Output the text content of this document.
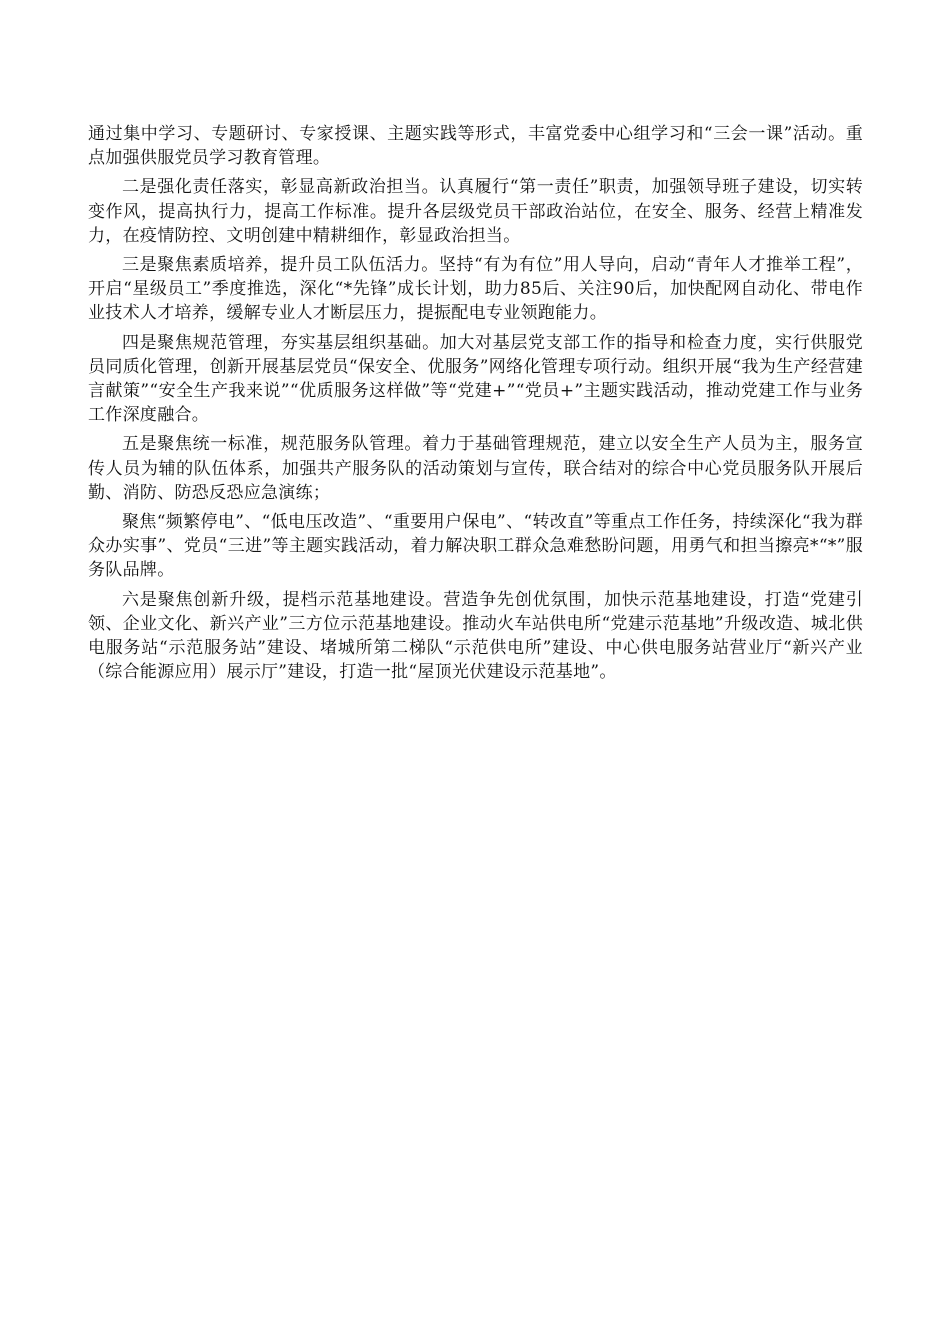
通过集中学习、专题研讨、专家授课、主题实践等形式，丰富党委中心组学习和“三会一课”活动。重点加强供服党员学习教育管理。

二是强化责任落实，彰显高新政治担当。认真履行“第一责任”职责，加强领导班子建设，切实转变作风，提高执行力，提高工作标准。提升各层级党员干部政治站位，在安全、服务、经营上精准发力，在疫情防控、文明创建中精耕细作，彰显政治担当。

三是聚焦素质培养，提升员工队伍活力。坚持“有为有位”用人导向，启动“青年人才推举工程”，开启“星级员工”季度推选，深化“*先锋”成长计划，助力85后、关注90后，加快配网自动化、带电作业技术人才培养，缓解专业人才断层压力，提振配电专业领跑能力。

四是聚焦规范管理，夯实基层组织基础。加大对基层党支部工作的指导和检查力度，实行供服党员同质化管理，创新开展基层党员“保安全、优服务”网络化管理专项行动。组织开展“我为生产经营建言献策”“安全生产我来说”“优质服务这样做”等“党建+”“党员+”主题实践活动，推动党建工作与业务工作深度融合。

五是聚焦统一标准，规范服务队管理。着力于基础管理规范，建立以安全生产人员为主，服务宣传人员为辅的队伍体系，加强共产服务队的活动策划与宣传，联合结对的综合中心党员服务队开展后勤、消防、防恐反恐应急演练；

聚焦“频繁停电”、“低电压改造”、“重要用户保电”、“转改直”等重点工作任务，持续深化“我为群众办实事”、党员“三进”等主题实践活动，着力解决职工群众急难愁盼问题，用勇气和担当擦亮*“*”服务队品牌。

六是聚焦创新升级，提档示范基地建设。营造争先创优氛围，加快示范基地建设，打造“党建引领、企业文化、新兴产业”三方位示范基地建设。推动火车站供电所“党建示范基地”升级改造、城北供电服务站“示范服务站”建设、堵城所第二梯队“示范供电所”建设、中心供电服务站营业厅“新兴产业（综合能源应用）展示厅”建设，打造一批“屋顶光伏建设示范基地”。
